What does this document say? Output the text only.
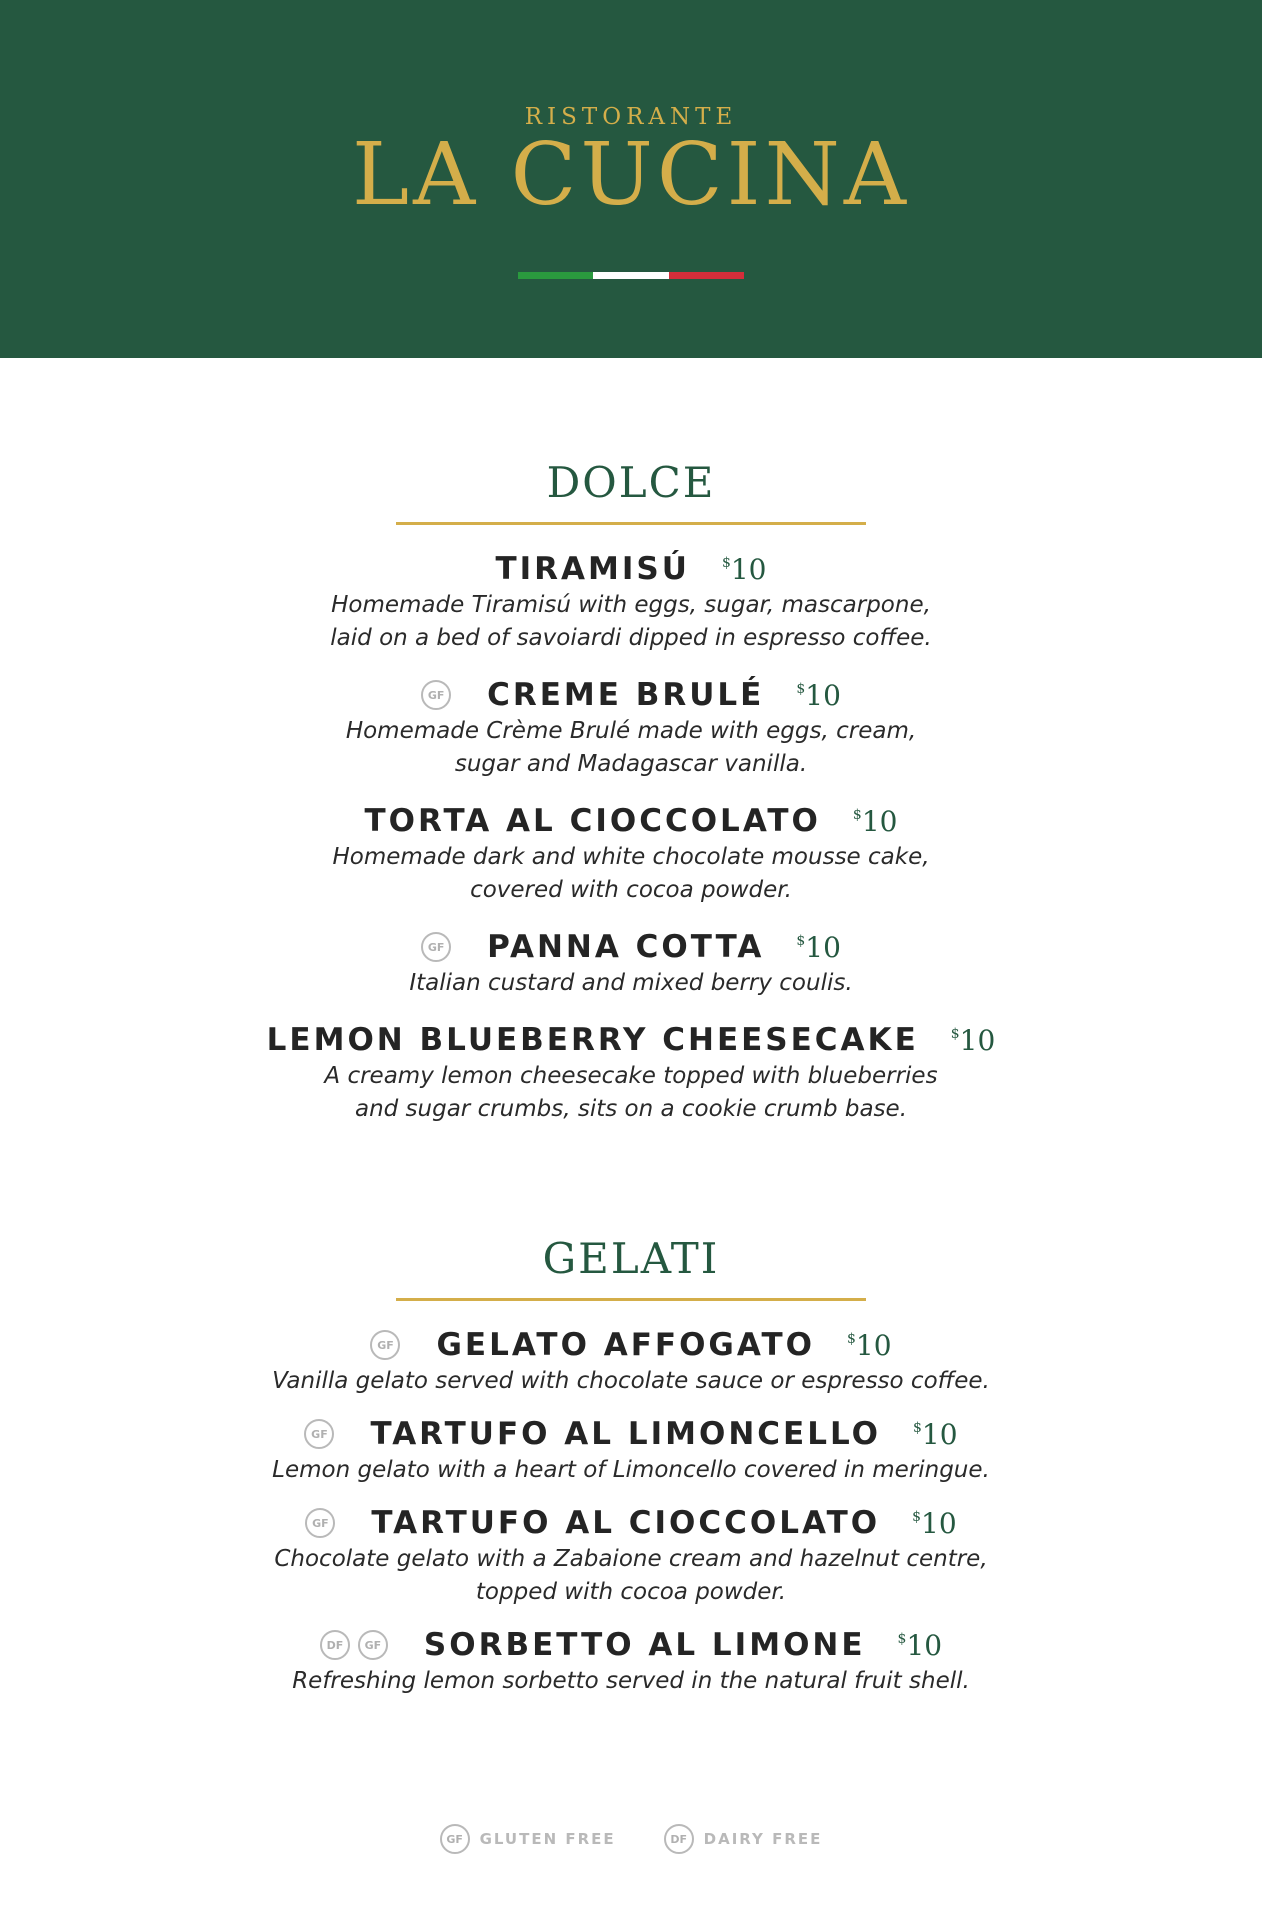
RISTORANTE
LA CUCINA
DOLCE
TIRAMISÚ $10
Homemade Tiramisú with eggs, sugar, mascarpone,
laid on a bed of savoiardi dipped in espresso coffee.
GF CREME BRULÉ $10
Homemade Crème Brulé made with eggs, cream,
sugar and Madagascar vanilla.
TORTA AL CIOCCOLATO $10
Homemade dark and white chocolate mousse cake,
covered with cocoa powder.
GF PANNA COTTA $10
Italian custard and mixed berry coulis.
LEMON BLUEBERRY CHEESECAKE $10
A creamy lemon cheesecake topped with blueberries
and sugar crumbs, sits on a cookie crumb base.
GELATI
GF GELATO AFFOGATO $10
Vanilla gelato served with chocolate sauce or espresso coffee.
GF TARTUFO AL LIMONCELLO $10
Lemon gelato with a heart of Limoncello covered in meringue.
GF TARTUFO AL CIOCCOLATO $10
Chocolate gelato with a Zabaione cream and hazelnut centre,
topped with cocoa powder.
DF	GF SORBETTO AL LIMONE $10
Refreshing lemon sorbetto served in the natural fruit shell.
GF	GLUTEN FREE	DF	DAIRY FREE
